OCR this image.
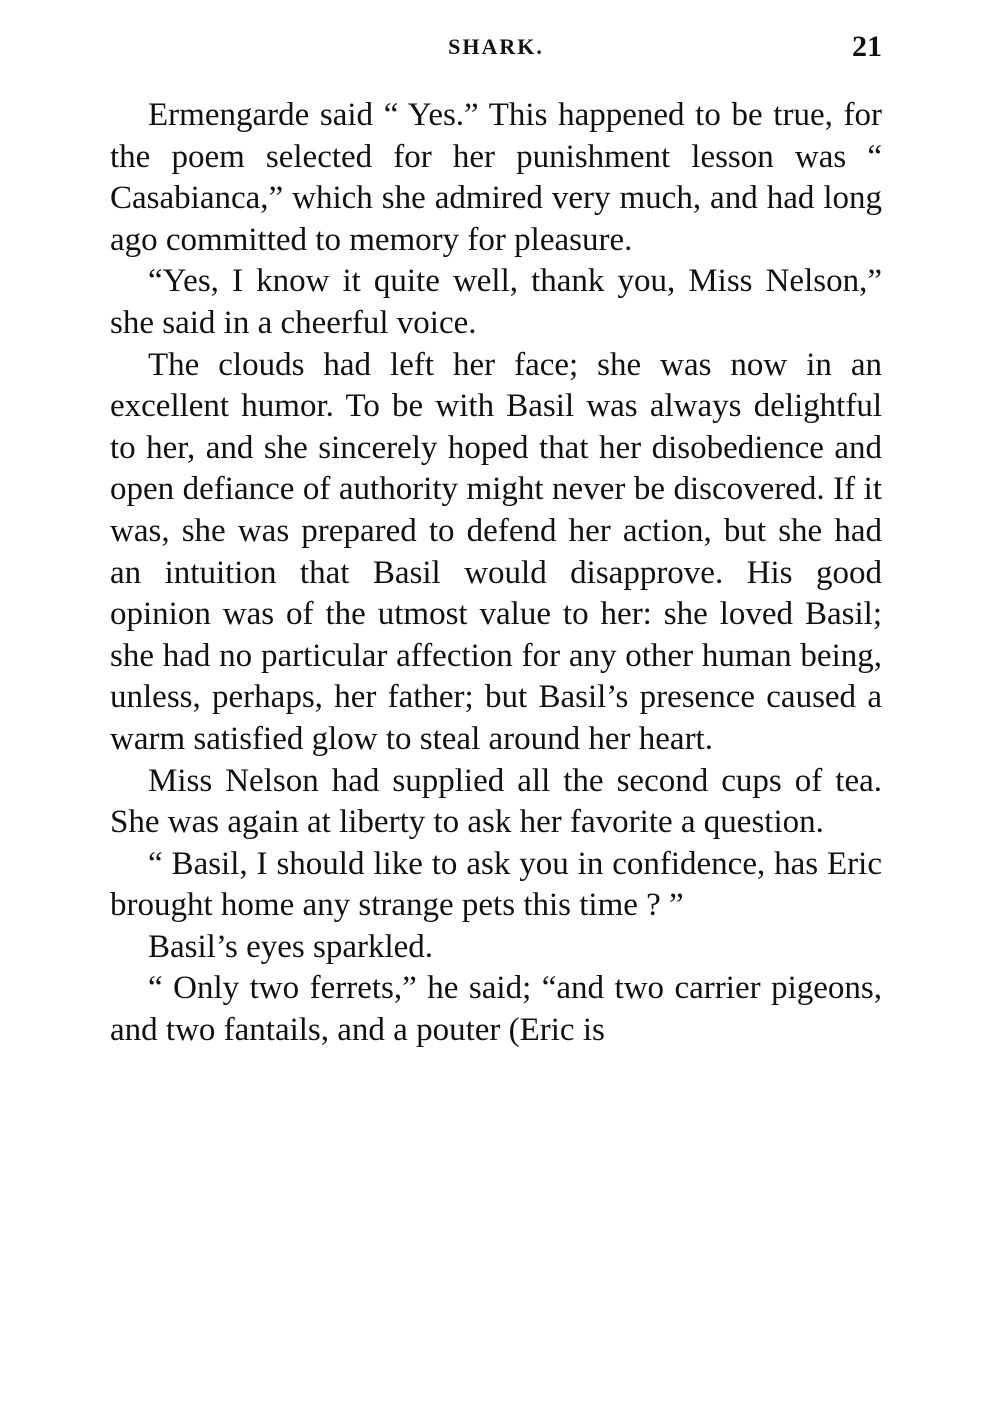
SHARK.	21

Ermengarde said “ Yes.” This happened to be true, for the poem selected for her punishment lesson was “ Casabianca,” which she admired very much, and had long ago committed to memory for pleasure.

“Yes, I know it quite well, thank you, Miss Nelson,” she said in a cheerful voice.

The clouds had left her face; she was now in an excellent humor. To be with Basil was always delightful to her, and she sincerely hoped that her disobedience and open defiance of authority might never be discovered. If it was, she was prepared to defend her action, but she had an intuition that Basil would disapprove. His good opinion was of the utmost value to her: she loved Basil; she had no particular affection for any other human being, unless, perhaps, her father; but Basil’s presence caused a warm satisfied glow to steal around her heart.

Miss Nelson had supplied all the second cups of tea. She was again at liberty to ask her favorite a question.

“ Basil, I should like to ask you in confidence, has Eric brought home any strange pets this time ? ”

Basil’s eyes sparkled.

“ Only two ferrets,” he said; “and two carrier pigeons, and two fantails, and a pouter (Eric is
